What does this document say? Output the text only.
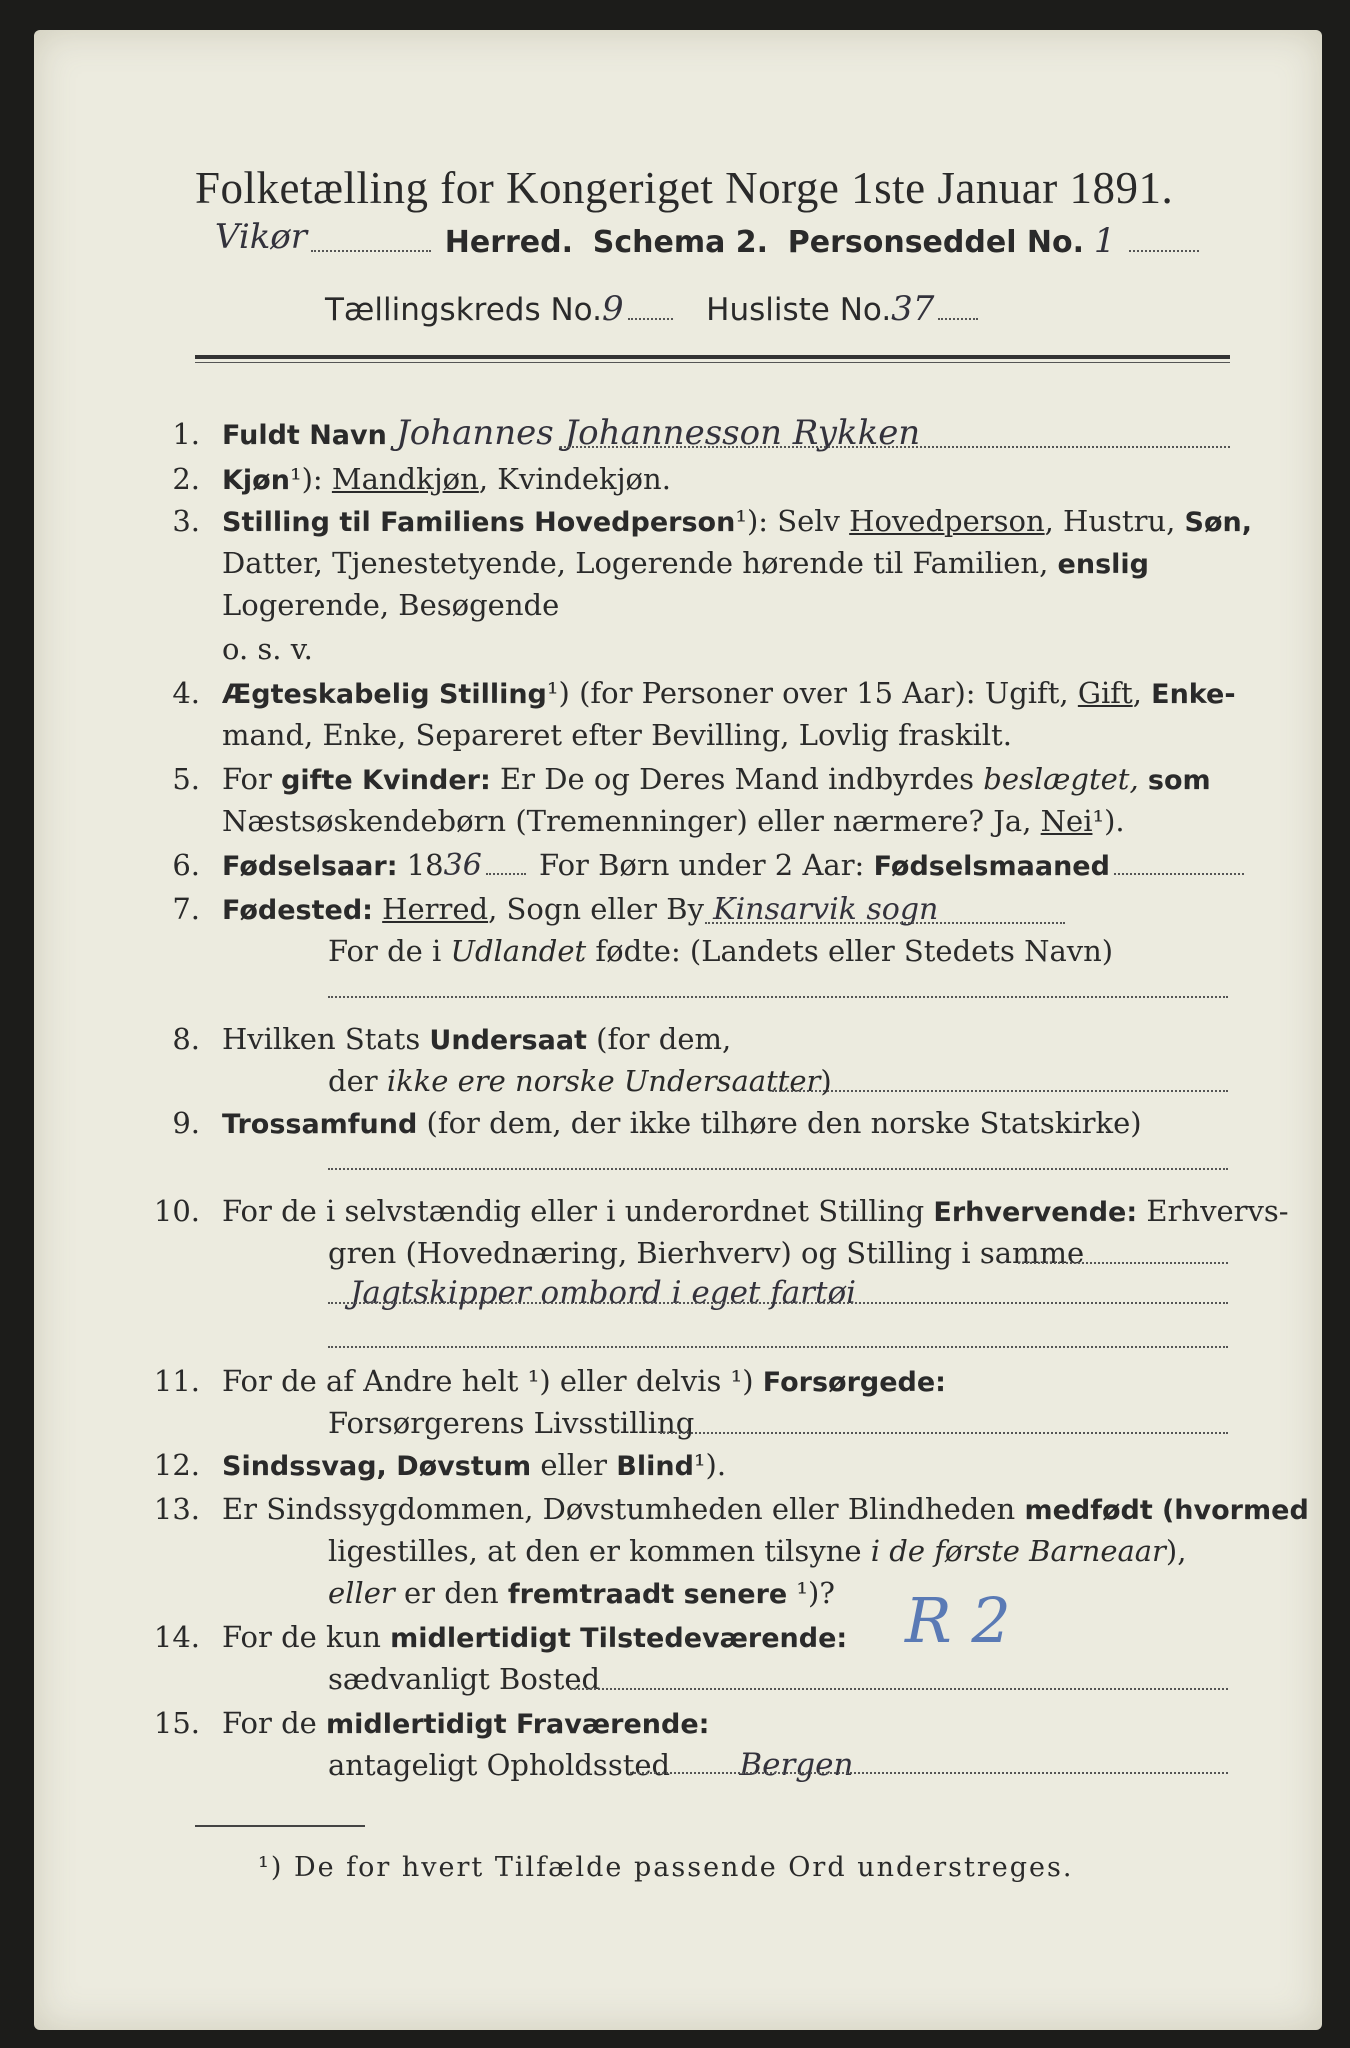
Folketælling for Kongeriget Norge 1ste Januar 1891.
Vikør	Herred. Schema 2. Personseddel No. 1
Tællingskreds No.9	Husliste No.37
1. Fuldt Navn Johannes Johannesson Rykken
2. Kjøn¹): Mandkjøn, Kvindekjøn.
3. Stilling til Familiens Hovedperson¹): Selv Hovedperson, Hustru, Søn,
Datter, Tjenestetyende, Logerende hørende til Familien, enslig
Logerende, Besøgende
o. s. v.
4. Ægteskabelig Stilling¹) (for Personer over 15 Aar): Ugift, Gift, Enke-
mand, Enke, Separeret efter Bevilling, Lovlig fraskilt.
5. For gifte Kvinder: Er De og Deres Mand indbyrdes beslægtet, som
Næstsøskendebørn (Tremenninger) eller nærmere? Ja, Nei¹).
6. Fødselsaar: 1836 For Børn under 2 Aar: Fødselsmaaned
7. Fødested: Herred, Sogn eller By Kinsarvik sogn
For de i Udlandet fødte: (Landets eller Stedets Navn)
8. Hvilken Stats Undersaat (for dem,
der ikke ere norske Undersaatter)
9. Trossamfund (for dem, der ikke tilhøre den norske Statskirke)
10. For de i selvstændig eller i underordnet Stilling Erhvervende: Erhvervs-
gren (Hovednæring, Bierhverv) og Stilling i samme
Jagtskipper ombord i eget fartøi
11. For de af Andre helt ¹) eller delvis ¹) Forsørgede:
Forsørgerens Livsstilling
12. Sindssvag, Døvstum eller Blind¹).
13. Er Sindssygdommen, Døvstumheden eller Blindheden medfødt (hvormed
ligestilles, at den er kommen tilsyne i de første Barneaar),
eller er den fremtraadt senere ¹)?
14. For de kun midlertidigt Tilstedeværende:
sædvanligt Bosted
R 2
15. For de midlertidigt Fraværende:
antageligt Opholdssted Bergen
¹) De for hvert Tilfælde passende Ord understreges.
